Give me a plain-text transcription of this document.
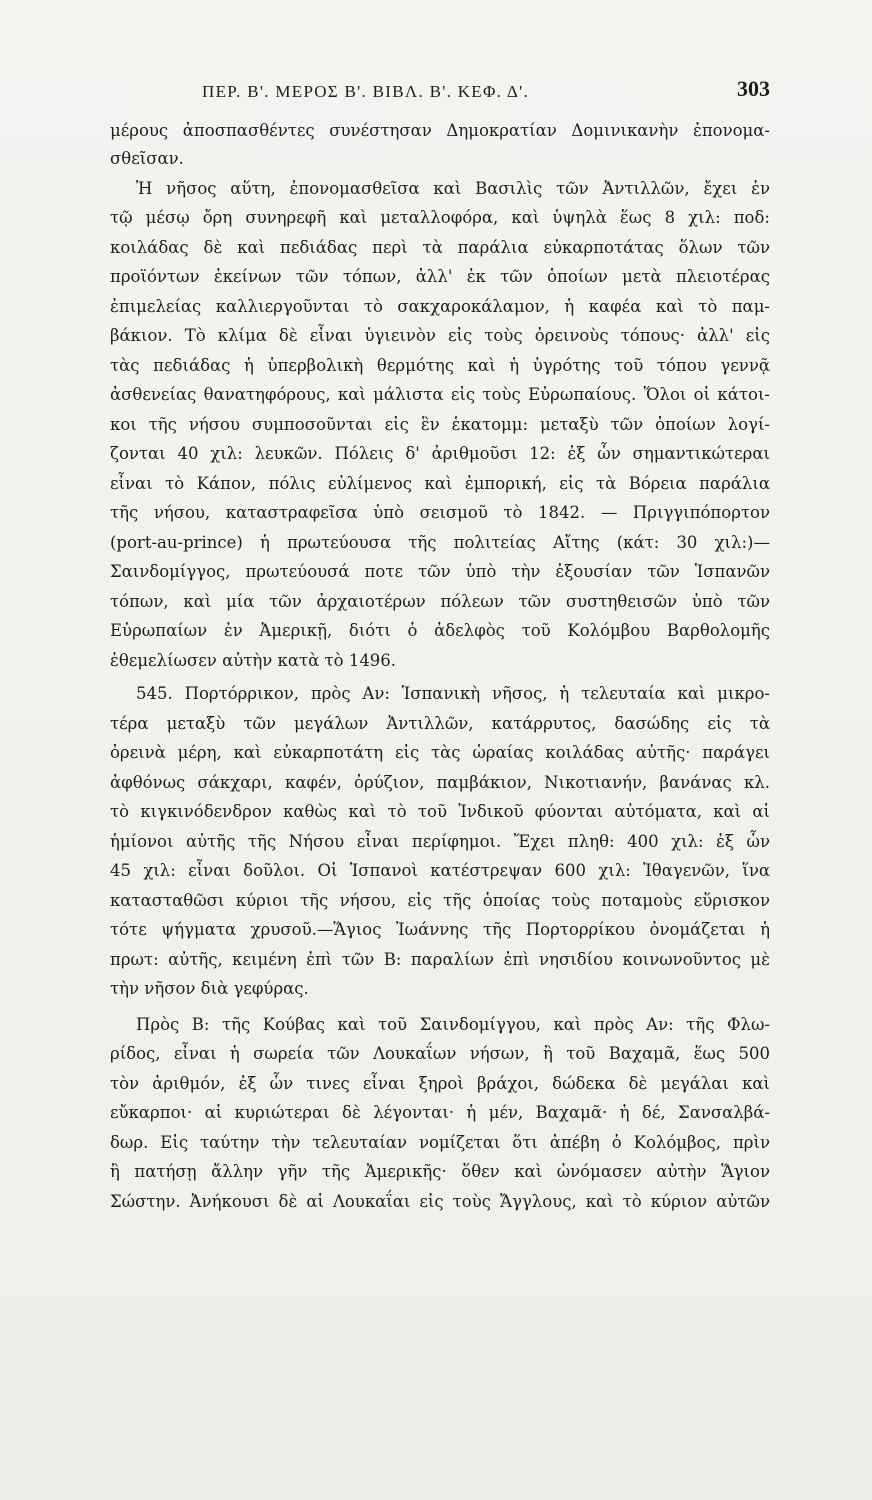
ΠΕΡ. Β'. ΜΕΡΟΣ Β'. ΒΙΒΛ. Β'. ΚΕΦ. Δ'.	303
μέρους ἀποσπασθέντες συνέστησαν Δημοκρατίαν Δομινικανὴν ἐπονομα-
σθεῖσαν.
Ἡ νῆσος αὕτη, ἐπονομασθεῖσα καὶ Βασιλὶς τῶν Ἀντιλλῶν, ἔχει ἐν
τῷ μέσῳ ὄρη συνηρεφῆ καὶ μεταλλοφόρα, καὶ ὑψηλὰ ἕως 8 χιλ: ποδ:
κοιλάδας δὲ καὶ πεδιάδας περὶ τὰ παράλια εὐκαρποτάτας ὅλων τῶν
προϊόντων ἐκείνων τῶν τόπων, ἀλλ' ἐκ τῶν ὁποίων μετὰ πλειοτέρας
ἐπιμελείας καλλιεργοῦνται τὸ σακχαροκάλαμον, ἡ καφέα καὶ τὸ παμ-
βάκιον. Τὸ κλίμα δὲ εἶναι ὑγιεινὸν εἰς τοὺς ὀρεινοὺς τόπους· ἀλλ' εἰς
τὰς πεδιάδας ἡ ὑπερβολικὴ θερμότης καὶ ἡ ὑγρότης τοῦ τόπου γεννᾷ
ἀσθενείας θανατηφόρους, καὶ μάλιστα εἰς τοὺς Εὐρωπαίους. Ὅλοι οἱ κάτοι-
κοι τῆς νήσου συμποσοῦνται εἰς ἓν ἑκατομμ: μεταξὺ τῶν ὁποίων λογί-
ζονται 40 χιλ: λευκῶν. Πόλεις δ' ἀριθμοῦσι 12: ἐξ ὧν σημαντικώτεραι
εἶναι τὸ Κάπον, πόλις εὐλίμενος καὶ ἐμπορική, εἰς τὰ Βόρεια παράλια
τῆς νήσου, καταστραφεῖσα ὑπὸ σεισμοῦ τὸ 1842. — Πριγγιπόπορτον
(port-au-prince) ἡ πρωτεύουσα τῆς πολιτείας Αἴτης (κάτ: 30 χιλ:)—
Σαινδομίγγος, πρωτεύουσά ποτε τῶν ὑπὸ τὴν ἐξουσίαν τῶν Ἱσπανῶν
τόπων, καὶ μία τῶν ἀρχαιοτέρων πόλεων τῶν συστηθεισῶν ὑπὸ τῶν
Εὐρωπαίων ἐν Ἀμερικῇ, διότι ὁ ἀδελφὸς τοῦ Κολόμβου Βαρθολομῆς
ἐθεμελίωσεν αὐτὴν κατὰ τὸ 1496.
545. Πορτόρρικον, πρὸς Αν: Ἱσπανικὴ νῆσος, ἡ τελευταία καὶ μικρο-
τέρα μεταξὺ τῶν μεγάλων Ἀντιλλῶν, κατάρρυτος, δασώδης εἰς τὰ
ὀρεινὰ μέρη, καὶ εὐκαρποτάτη εἰς τὰς ὡραίας κοιλάδας αὐτῆς· παράγει
ἀφθόνως σάκχαρι, καφέν, ὀρύζιον, παμβάκιον, Νικοτιανήν, βανάνας κλ.
τὸ κιγκινόδενδρον καθὼς καὶ τὸ τοῦ Ἰνδικοῦ φύονται αὐτόματα, καὶ αἱ
ἡμίονοι αὐτῆς τῆς Νήσου εἶναι περίφημοι. Ἔχει πληθ: 400 χιλ: ἐξ ὧν
45 χιλ: εἶναι δοῦλοι. Οἱ Ἱσπανοὶ κατέστρεψαν 600 χιλ: Ἰθαγενῶν, ἵνα
κατασταθῶσι κύριοι τῆς νήσου, εἰς τῆς ὁποίας τοὺς ποταμοὺς εὕρισκον
τότε ψήγματα χρυσοῦ.—Ἅγιος Ἰωάννης τῆς Πορτορρίκου ὀνομάζεται ἡ
πρωτ: αὐτῆς, κειμένη ἐπὶ τῶν Β: παραλίων ἐπὶ νησιδίου κοινωνοῦντος μὲ
τὴν νῆσον διὰ γεφύρας.
Πρὸς Β: τῆς Κούβας καὶ τοῦ Σαινδομίγγου, καὶ πρὸς Αν: τῆς Φλω-
ρίδος, εἶναι ἡ σωρεία τῶν Λουκαΐων νήσων, ἢ τοῦ Βαχαμᾶ, ἕως 500
τὸν ἀριθμόν, ἐξ ὧν τινες εἶναι ξηροὶ βράχοι, δώδεκα δὲ μεγάλαι καὶ
εὔκαρποι· αἱ κυριώτεραι δὲ λέγονται· ἡ μέν, Βαχαμᾶ· ἡ δέ, Σανσαλβά-
δωρ. Εἰς ταύτην τὴν τελευταίαν νομίζεται ὅτι ἀπέβη ὁ Κολόμβος, πρὶν
ἢ πατήσῃ ἄλλην γῆν τῆς Ἀμερικῆς· ὅθεν καὶ ὠνόμασεν αὐτὴν Ἅγιον
Σώστην. Ἀνήκουσι δὲ αἱ Λουκαΐαι εἰς τοὺς Ἄγγλους, καὶ τὸ κύριον αὐτῶν
